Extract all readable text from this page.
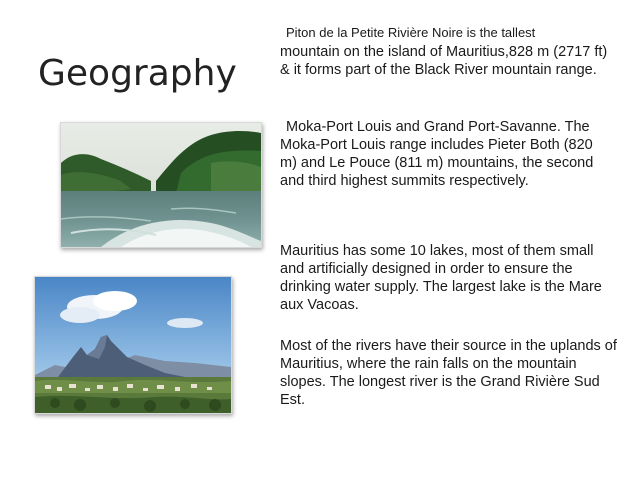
Geography

Piton de la Petite Rivière Noire is the tallest

mountain on the island of Mauritius,828 m (2717 ft) & it forms part of the Black River mountain range.

Moka-Port Louis and Grand Port-Savanne. The Moka-Port Louis range includes Pieter Both (820 m) and Le Pouce (811 m) mountains, the second and third highest summits respectively.

Mauritius has some 10 lakes, most of them small and artificially designed in order to ensure the drinking water supply. The largest lake is the Mare aux Vacoas.

Most of the rivers have their source in the uplands of Mauritius, where the rain falls on the mountain slopes. The longest river is the Grand Rivière Sud Est.
